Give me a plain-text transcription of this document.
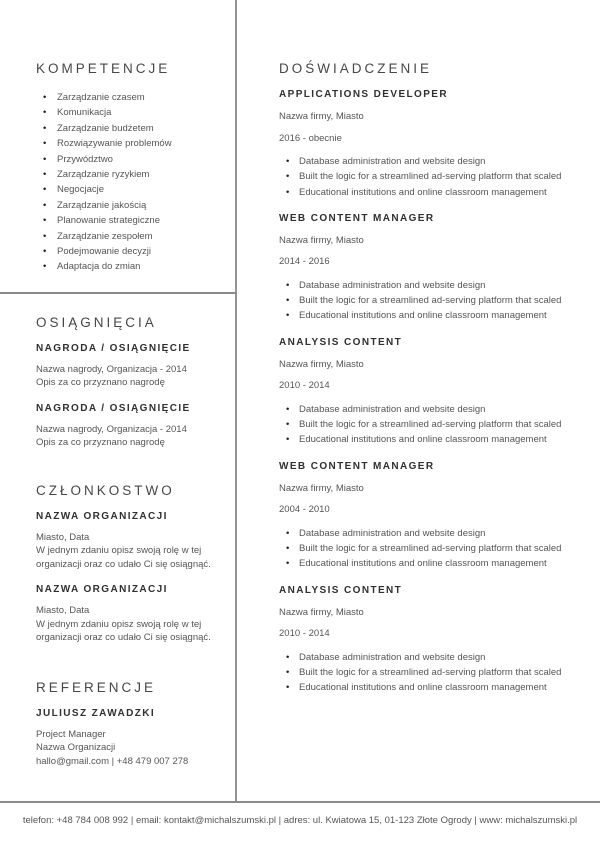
KOMPETENCJE
• Zarządzanie czasem
• Komunikacja
• Zarządzanie budżetem
• Rozwiązywanie problemów
• Przywództwo
• Zarządzanie ryzykiem
• Negocjacje
• Zarządzanie jakością
• Planowanie strategiczne
• Zarządzanie zespołem
• Podejmowanie decyzji
• Adaptacja do zmian
OSIĄGNIĘCIA
NAGRODA / OSIĄGNIĘCIE

Nazwa nagrody, Organizacja - 2014

Opis za co przyznano nagrodę

NAGRODA / OSIĄGNIĘCIE

Nazwa nagrody, Organizacja - 2014

Opis za co przyznano nagrodę

CZŁONKOSTWO
NAZWA ORGANIZACJI

Miasto, Data

W jednym zdaniu opisz swoją rolę w tej organizacji oraz co udało Ci się osiągnąć.

NAZWA ORGANIZACJI

Miasto, Data

W jednym zdaniu opisz swoją rolę w tej organizacji oraz co udało Ci się osiągnąć.

REFERENCJE
JULIUSZ ZAWADZKI

Project Manager

Nazwa Organizacji

hallo@gmail.com | +48 479 007 278

DOŚWIADCZENIE
APPLICATIONS DEVELOPER

Nazwa firmy, Miasto

2016 - obecnie

• Database administration and website design
• Built the logic for a streamlined ad-serving platform that scaled
• Educational institutions and online classroom management
WEB CONTENT MANAGER

Nazwa firmy, Miasto

2014 - 2016

• Database administration and website design
• Built the logic for a streamlined ad-serving platform that scaled
• Educational institutions and online classroom management
ANALYSIS CONTENT

Nazwa firmy, Miasto

2010 - 2014

• Database administration and website design
• Built the logic for a streamlined ad-serving platform that scaled
• Educational institutions and online classroom management
WEB CONTENT MANAGER

Nazwa firmy, Miasto

2004 - 2010

• Database administration and website design
• Built the logic for a streamlined ad-serving platform that scaled
• Educational institutions and online classroom management
ANALYSIS CONTENT

Nazwa firmy, Miasto

2010 - 2014

• Database administration and website design
• Built the logic for a streamlined ad-serving platform that scaled
• Educational institutions and online classroom management
telefon: +48 784 008 992 | email: kontakt@michalszumski.pl | adres: ul. Kwiatowa 15, 01-123 Złote Ogrody | www: michalszumski.pl
